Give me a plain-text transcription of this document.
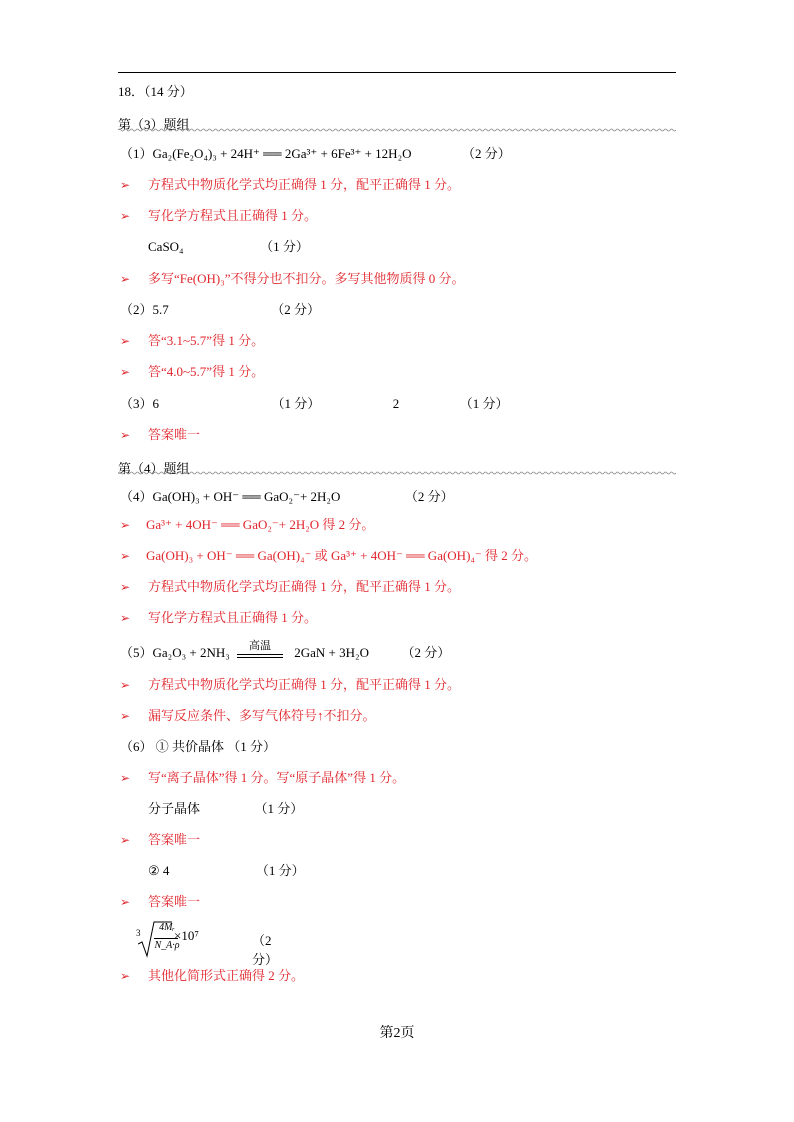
18．（14 分）
第（3）题组
（1）Ga₂(Fe₂O₄)₃ + 24H⁺ ══ 2Ga³⁺ + 6Fe³⁺ + 12H₂O	（2 分）
➢	方程式中物质化学式均正确得 1 分，配平正确得 1 分。
➢	写化学方程式且正确得 1 分。
CaSO₄	（1 分）
➢	多写“Fe(OH)₃”不得分也不扣分。多写其他物质得 0 分。
（2）5.7	（2 分）
➢	答“3.1~5.7”得 1 分。
➢	答“4.0~5.7”得 1 分。
（3）6	（1 分）	2	（1 分）
➢	答案唯一
第（4）题组
（4）Ga(OH)₃ + OH⁻ ══ GaO₂⁻+ 2H₂O	（2 分）
➢	Ga³⁺ + 4OH⁻ ══ GaO₂⁻+ 2H₂O 得 2 分。
➢	Ga(OH)₃ + OH⁻ ══ Ga(OH)₄⁻ 或 Ga³⁺ + 4OH⁻ ══ Ga(OH)₄⁻ 得 2 分。
➢	方程式中物质化学式均正确得 1 分，配平正确得 1 分。
➢	写化学方程式且正确得 1 分。
（5）Ga₂O₃ + 2NH₃	高温	2GaN + 3H₂O	（2 分）
➢	方程式中物质化学式均正确得 1 分，配平正确得 1 分。
➢	漏写反应条件、多写气体符号↑不扣分。
（6） ① 共价晶体 （1 分）
➢	写“离子晶体”得 1 分。写“原子晶体”得 1 分。
分子晶体	（1 分）
➢	答案唯一
② 4	（1 分）
➢	答案唯一
3	4Mᵣ
N_A·ρ
×10⁷	（2 分）
➢	其他化简形式正确得 2 分。
第2页
